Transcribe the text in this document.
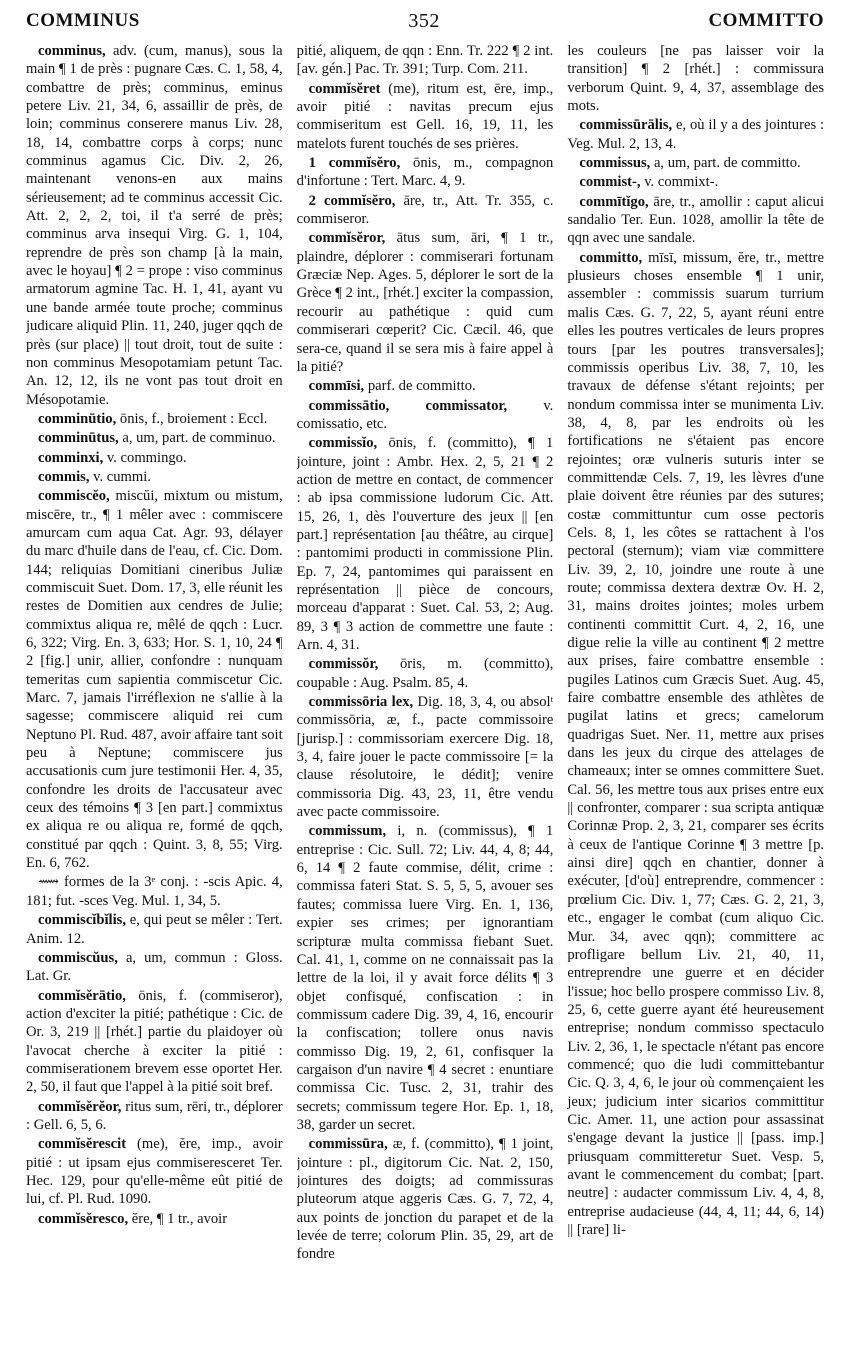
COMMINUS	352	COMMITTO

comminus, adv. (cum, manus), sous la main ¶ 1 de près : pugnare Cæs. C. 1, 58, 4, combattre de près; comminus, eminus petere Liv. 21, 34, 6, assaillir de près, de loin; comminus conserere manus Liv. 28, 18, 14, combattre corps à corps; nunc comminus agamus Cic. Div. 2, 26, maintenant venons-en aux mains sérieusement; ad te comminus accessit Cic. Att. 2, 2, 2, toi, il t'a serré de près; comminus arva insequi Virg. G. 1, 104, reprendre de près son champ [à la main, avec le hoyau] ¶ 2 = prope : viso comminus armatorum agmine Tac. H. 1, 41, ayant vu une bande armée toute proche; comminus judicare aliquid Plin. 11, 240, juger qqch de près (sur place) || tout droit, tout de suite : non comminus Mesopotamiam petunt Tac. An. 12, 12, ils ne vont pas tout droit en Mésopotamie.

comminūtio, ōnis, f., broiement : Eccl.

comminūtus, a, um, part. de comminuo.

comminxi, v. commingo.

commis, v. cummi.

commiscĕo, miscŭi, mixtum ou mistum, miscēre, tr., ¶ 1 mêler avec : commiscere amurcam cum aqua Cat. Agr. 93, délayer du marc d'huile dans de l'eau, cf. Cic. Dom. 144; reliquias Domitiani cineribus Juliæ commiscuit Suet. Dom. 17, 3, elle réunit les restes de Domitien aux cendres de Julie; commixtus aliqua re, mêlé de qqch : Lucr. 6, 322; Virg. En. 3, 633; Hor. S. 1, 10, 24 ¶ 2 [fig.] unir, allier, confondre : nunquam temeritas cum sapientia commiscetur Cic. Marc. 7, jamais l'irréflexion ne s'allie à la sagesse; commiscere aliquid rei cum Neptuno Pl. Rud. 487, avoir affaire tant soit peu à Neptune; commiscere jus accusationis cum jure testimonii Her. 4, 35, confondre les droits de l'accusateur avec ceux des témoins ¶ 3 [en part.] commixtus ex aliqua re ou aliqua re, formé de qqch, constitué par qqch : Quint. 3, 8, 55; Virg. En. 6, 762.

⟿ formes de la 3ᵉ conj. : -scis Apic. 4, 181; fut. -sces Veg. Mul. 1, 34, 5.

commiscĭbĭlis, e, qui peut se mêler : Tert. Anim. 12.

commiscŭus, a, um, commun : Gloss. Lat. Gr.

commĭsĕrātio, ōnis, f. (commiseror), action d'exciter la pitié; pathétique : Cic. de Or. 3, 219 || [rhét.] partie du plaidoyer où l'avocat cherche à exciter la pitié : commiserationem brevem esse oportet Her. 2, 50, il faut que l'appel à la pitié soit bref.

commĭsĕrĕor, ritus sum, rēri, tr., déplorer : Gell. 6, 5, 6.

commĭsĕrescit (me), ĕre, imp., avoir pitié : ut ipsam ejus commiseresceret Ter. Hec. 129, pour qu'elle-même eût pitié de lui, cf. Pl. Rud. 1090.

commĭsĕresco, ĕre, ¶ 1 tr., avoir

pitié, aliquem, de qqn : Enn. Tr. 222 ¶ 2 int. [av. gén.] Pac. Tr. 391; Turp. Com. 211.

commĭsĕret (me), ritum est, ēre, imp., avoir pitié : navitas precum ejus commiseritum est Gell. 16, 19, 11, les matelots furent touchés de ses prières.

1 commĭsĕro, ōnis, m., compagnon d'infortune : Tert. Marc. 4, 9.

2 commĭsĕro, āre, tr., Att. Tr. 355, c. commiseror.

commĭsĕror, ātus sum, āri, ¶ 1 tr., plaindre, déplorer : commiserari fortunam Græciæ Nep. Ages. 5, déplorer le sort de la Grèce ¶ 2 int., [rhét.] exciter la compassion, recourir au pathétique : quid cum commiserari cœperit? Cic. Cæcil. 46, que sera-ce, quand il se sera mis à faire appel à la pitié?

commīsi, parf. de committo.

commissātio, commissator, v. comissatio, etc.

commissĭo, ōnis, f. (committo), ¶ 1 jointure, joint : Ambr. Hex. 2, 5, 21 ¶ 2 action de mettre en contact, de commencer : ab ipsa commissione ludorum Cic. Att. 15, 26, 1, dès l'ouverture des jeux || [en part.] représentation [au théâtre, au cirque] : pantomimi producti in commissione Plin. Ep. 7, 24, pantomimes qui paraissent en représentation || pièce de concours, morceau d'apparat : Suet. Cal. 53, 2; Aug. 89, 3 ¶ 3 action de commettre une faute : Arn. 4, 31.

commissŏr, ōris, m. (committo), coupable : Aug. Psalm. 85, 4.

commissōria lex, Dig. 18, 3, 4, ou absolᵗ commissōria, æ, f., pacte commissoire [jurisp.] : commissoriam exercere Dig. 18, 3, 4, faire jouer le pacte commissoire [= la clause résolutoire, le dédit]; venire commissoria Dig. 43, 23, 11, être vendu avec pacte commissoire.

commissum, i, n. (commissus), ¶ 1 entreprise : Cic. Sull. 72; Liv. 44, 4, 8; 44, 6, 14 ¶ 2 faute commise, délit, crime : commissa fateri Stat. S. 5, 5, 5, avouer ses fautes; commissa luere Virg. En. 1, 136, expier ses crimes; per ignorantiam scripturæ multa commissa fiebant Suet. Cal. 41, 1, comme on ne connaissait pas la lettre de la loi, il y avait force délits ¶ 3 objet confisqué, confiscation : in commissum cadere Dig. 39, 4, 16, encourir la confiscation; tollere onus navis commisso Dig. 19, 2, 61, confisquer la cargaison d'un navire ¶ 4 secret : enuntiare commissa Cic. Tusc. 2, 31, trahir des secrets; commissum tegere Hor. Ep. 1, 18, 38, garder un secret.

commissūra, æ, f. (committo), ¶ 1 joint, jointure : pl., digitorum Cic. Nat. 2, 150, jointures des doigts; ad commissuras pluteorum atque aggeris Cæs. G. 7, 72, 4, aux points de jonction du parapet et de la levée de terre; colorum Plin. 35, 29, art de fondre

les couleurs [ne pas laisser voir la transition] ¶ 2 [rhét.] : commissura verborum Quint. 9, 4, 37, assemblage des mots.

commissūrālis, e, où il y a des jointures : Veg. Mul. 2, 13, 4.

commissus, a, um, part. de committo.

commist-, v. commixt-.

commītĭgo, āre, tr., amollir : caput alicui sandalio Ter. Eun. 1028, amollir la tête de qqn avec une sandale.

committo, mīsī, missum, ĕre, tr., mettre plusieurs choses ensemble ¶ 1 unir, assembler : commissis suarum turrium malis Cæs. G. 7, 22, 5, ayant réuni entre elles les poutres verticales de leurs propres tours [par les poutres transversales]; commissis operibus Liv. 38, 7, 10, les travaux de défense s'étant rejoints; per nondum commissa inter se munimenta Liv. 38, 4, 8, par les endroits où les fortifications ne s'étaient pas encore rejointes; oræ vulneris suturis inter se committendæ Cels. 7, 19, les lèvres d'une plaie doivent être réunies par des sutures; costæ committuntur cum osse pectoris Cels. 8, 1, les côtes se rattachent à l'os pectoral (sternum); viam viæ committere Liv. 39, 2, 10, joindre une route à une route; commissa dextera dextræ Ov. H. 2, 31, mains droites jointes; moles urbem continenti committit Curt. 4, 2, 16, une digue relie la ville au continent ¶ 2 mettre aux prises, faire combattre ensemble : pugiles Latinos cum Græcis Suet. Aug. 45, faire combattre ensemble des athlètes de pugilat latins et grecs; camelorum quadrigas Suet. Ner. 11, mettre aux prises dans les jeux du cirque des attelages de chameaux; inter se omnes committere Suet. Cal. 56, les mettre tous aux prises entre eux || confronter, comparer : sua scripta antiquæ Corinnæ Prop. 2, 3, 21, comparer ses écrits à ceux de l'antique Corinne ¶ 3 mettre [p. ainsi dire] qqch en chantier, donner à exécuter, [d'où] entreprendre, commencer : prœlium Cic. Div. 1, 77; Cæs. G. 2, 21, 3, etc., engager le combat (cum aliquo Cic. Mur. 34, avec qqn); committere ac profligare bellum Liv. 21, 40, 11, entreprendre une guerre et en décider l'issue; hoc bello prospere commisso Liv. 8, 25, 6, cette guerre ayant été heureusement entreprise; nondum commisso spectaculo Liv. 2, 36, 1, le spectacle n'étant pas encore commencé; quo die ludi committebantur Cic. Q. 3, 4, 6, le jour où commençaient les jeux; judicium inter sicarios committitur Cic. Amer. 11, une action pour assassinat s'engage devant la justice || [pass. imp.] priusquam committeretur Suet. Vesp. 5, avant le commencement du combat; [part. neutre] : audacter commissum Liv. 4, 4, 8, entreprise audacieuse (44, 4, 11; 44, 6, 14) || [rare] li-
